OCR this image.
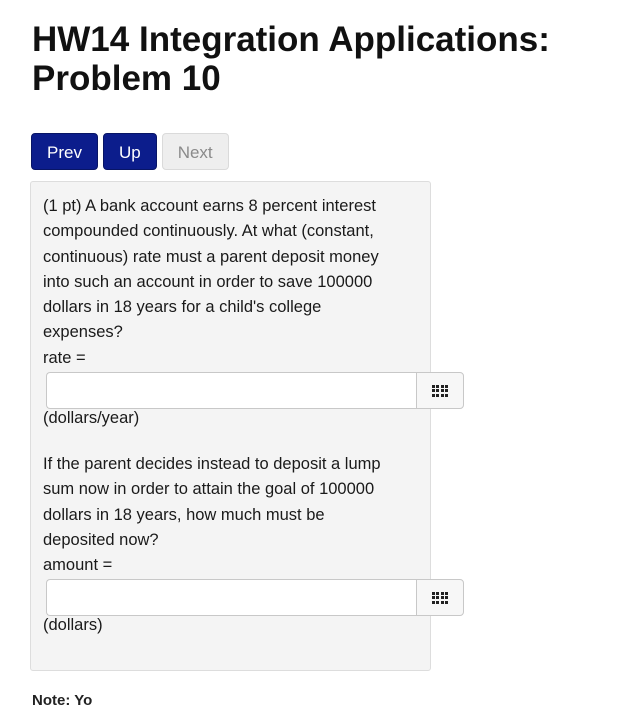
HW14 Integration Applications:
Problem 10
Prev	Up	Next

(1 pt) A bank account earns 8 percent interest
compounded continuously. At what (constant,
continuous) rate must a parent deposit money
into such an account in order to save 100000
dollars in 18 years for a child's college
expenses?
rate =

(dollars/year)

If the parent decides instead to deposit a lump
sum now in order to attain the goal of 100000
dollars in 18 years, how much must be
deposited now?
amount =

(dollars)

Note: Yo
